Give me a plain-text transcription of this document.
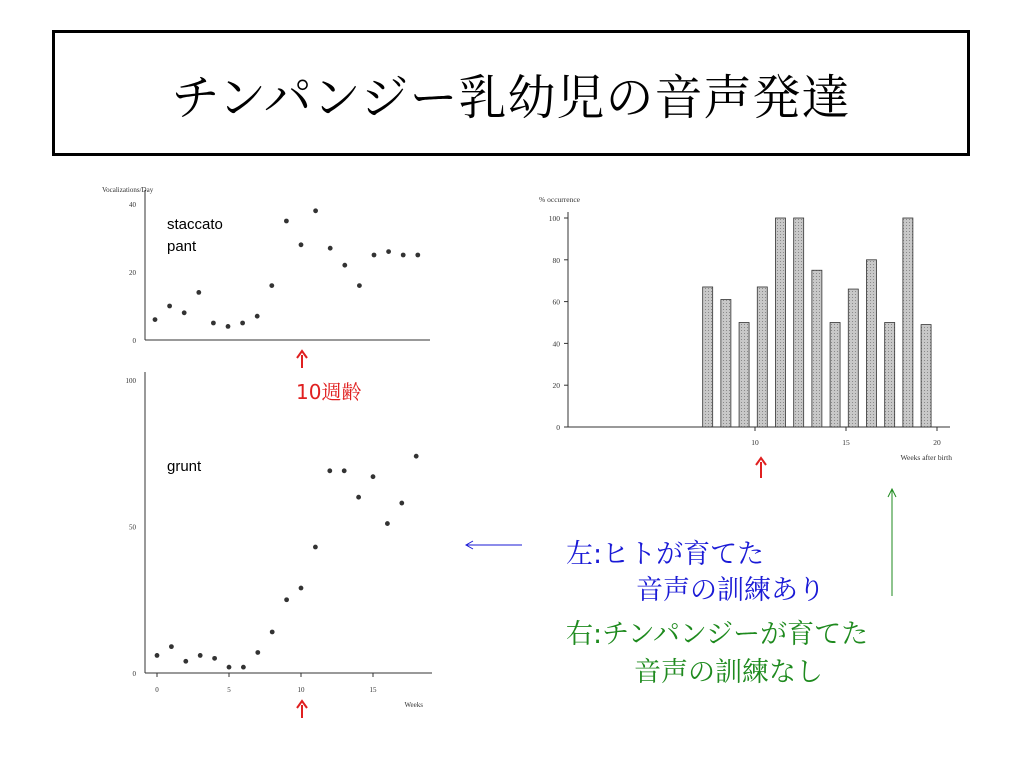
チンパンジー乳幼児の音声発達
Vocalizations/Day
0
20
40
staccato
pant
0
50
100
0	5	10	15
Weeks
grunt
% occurrence
0
20
40
60
80
100
10	15	20
Weeks after birth
10週齢
左:ヒトが育てた
音声の訓練あり
右:チンパンジーが育てた
音声の訓練なし
